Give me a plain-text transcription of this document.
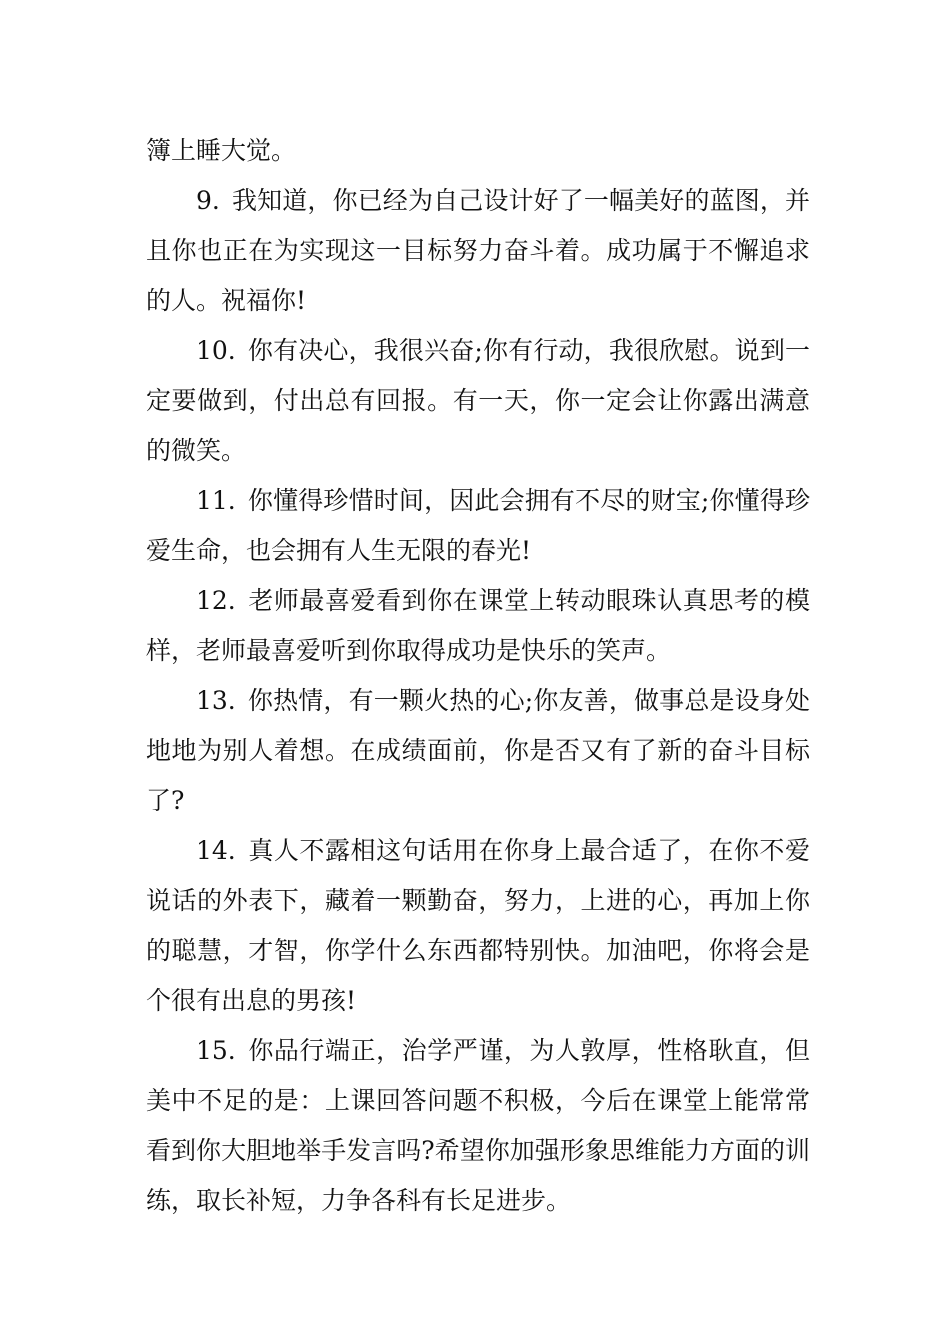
簿上睡大觉。

9. 我知道，你已经为自己设计好了一幅美好的蓝图，并且你也正在为实现这一目标努力奋斗着。成功属于不懈追求的人。祝福你!

10. 你有决心，我很兴奋;你有行动，我很欣慰。说到一定要做到，付出总有回报。有一天，你一定会让你露出满意的微笑。

11. 你懂得珍惜时间，因此会拥有不尽的财宝;你懂得珍爱生命，也会拥有人生无限的春光!

12. 老师最喜爱看到你在课堂上转动眼珠认真思考的模样，老师最喜爱听到你取得成功是快乐的笑声。

13. 你热情，有一颗火热的心;你友善，做事总是设身处地地为别人着想。在成绩面前，你是否又有了新的奋斗目标了?

14. 真人不露相这句话用在你身上最合适了，在你不爱说话的外表下，藏着一颗勤奋，努力，上进的心，再加上你的聪慧，才智，你学什么东西都特别快。加油吧，你将会是个很有出息的男孩!

15. 你品行端正，治学严谨，为人敦厚，性格耿直，但美中不足的是：上课回答问题不积极，今后在课堂上能常常看到你大胆地举手发言吗?希望你加强形象思维能力方面的训练，取长补短，力争各科有长足进步。
